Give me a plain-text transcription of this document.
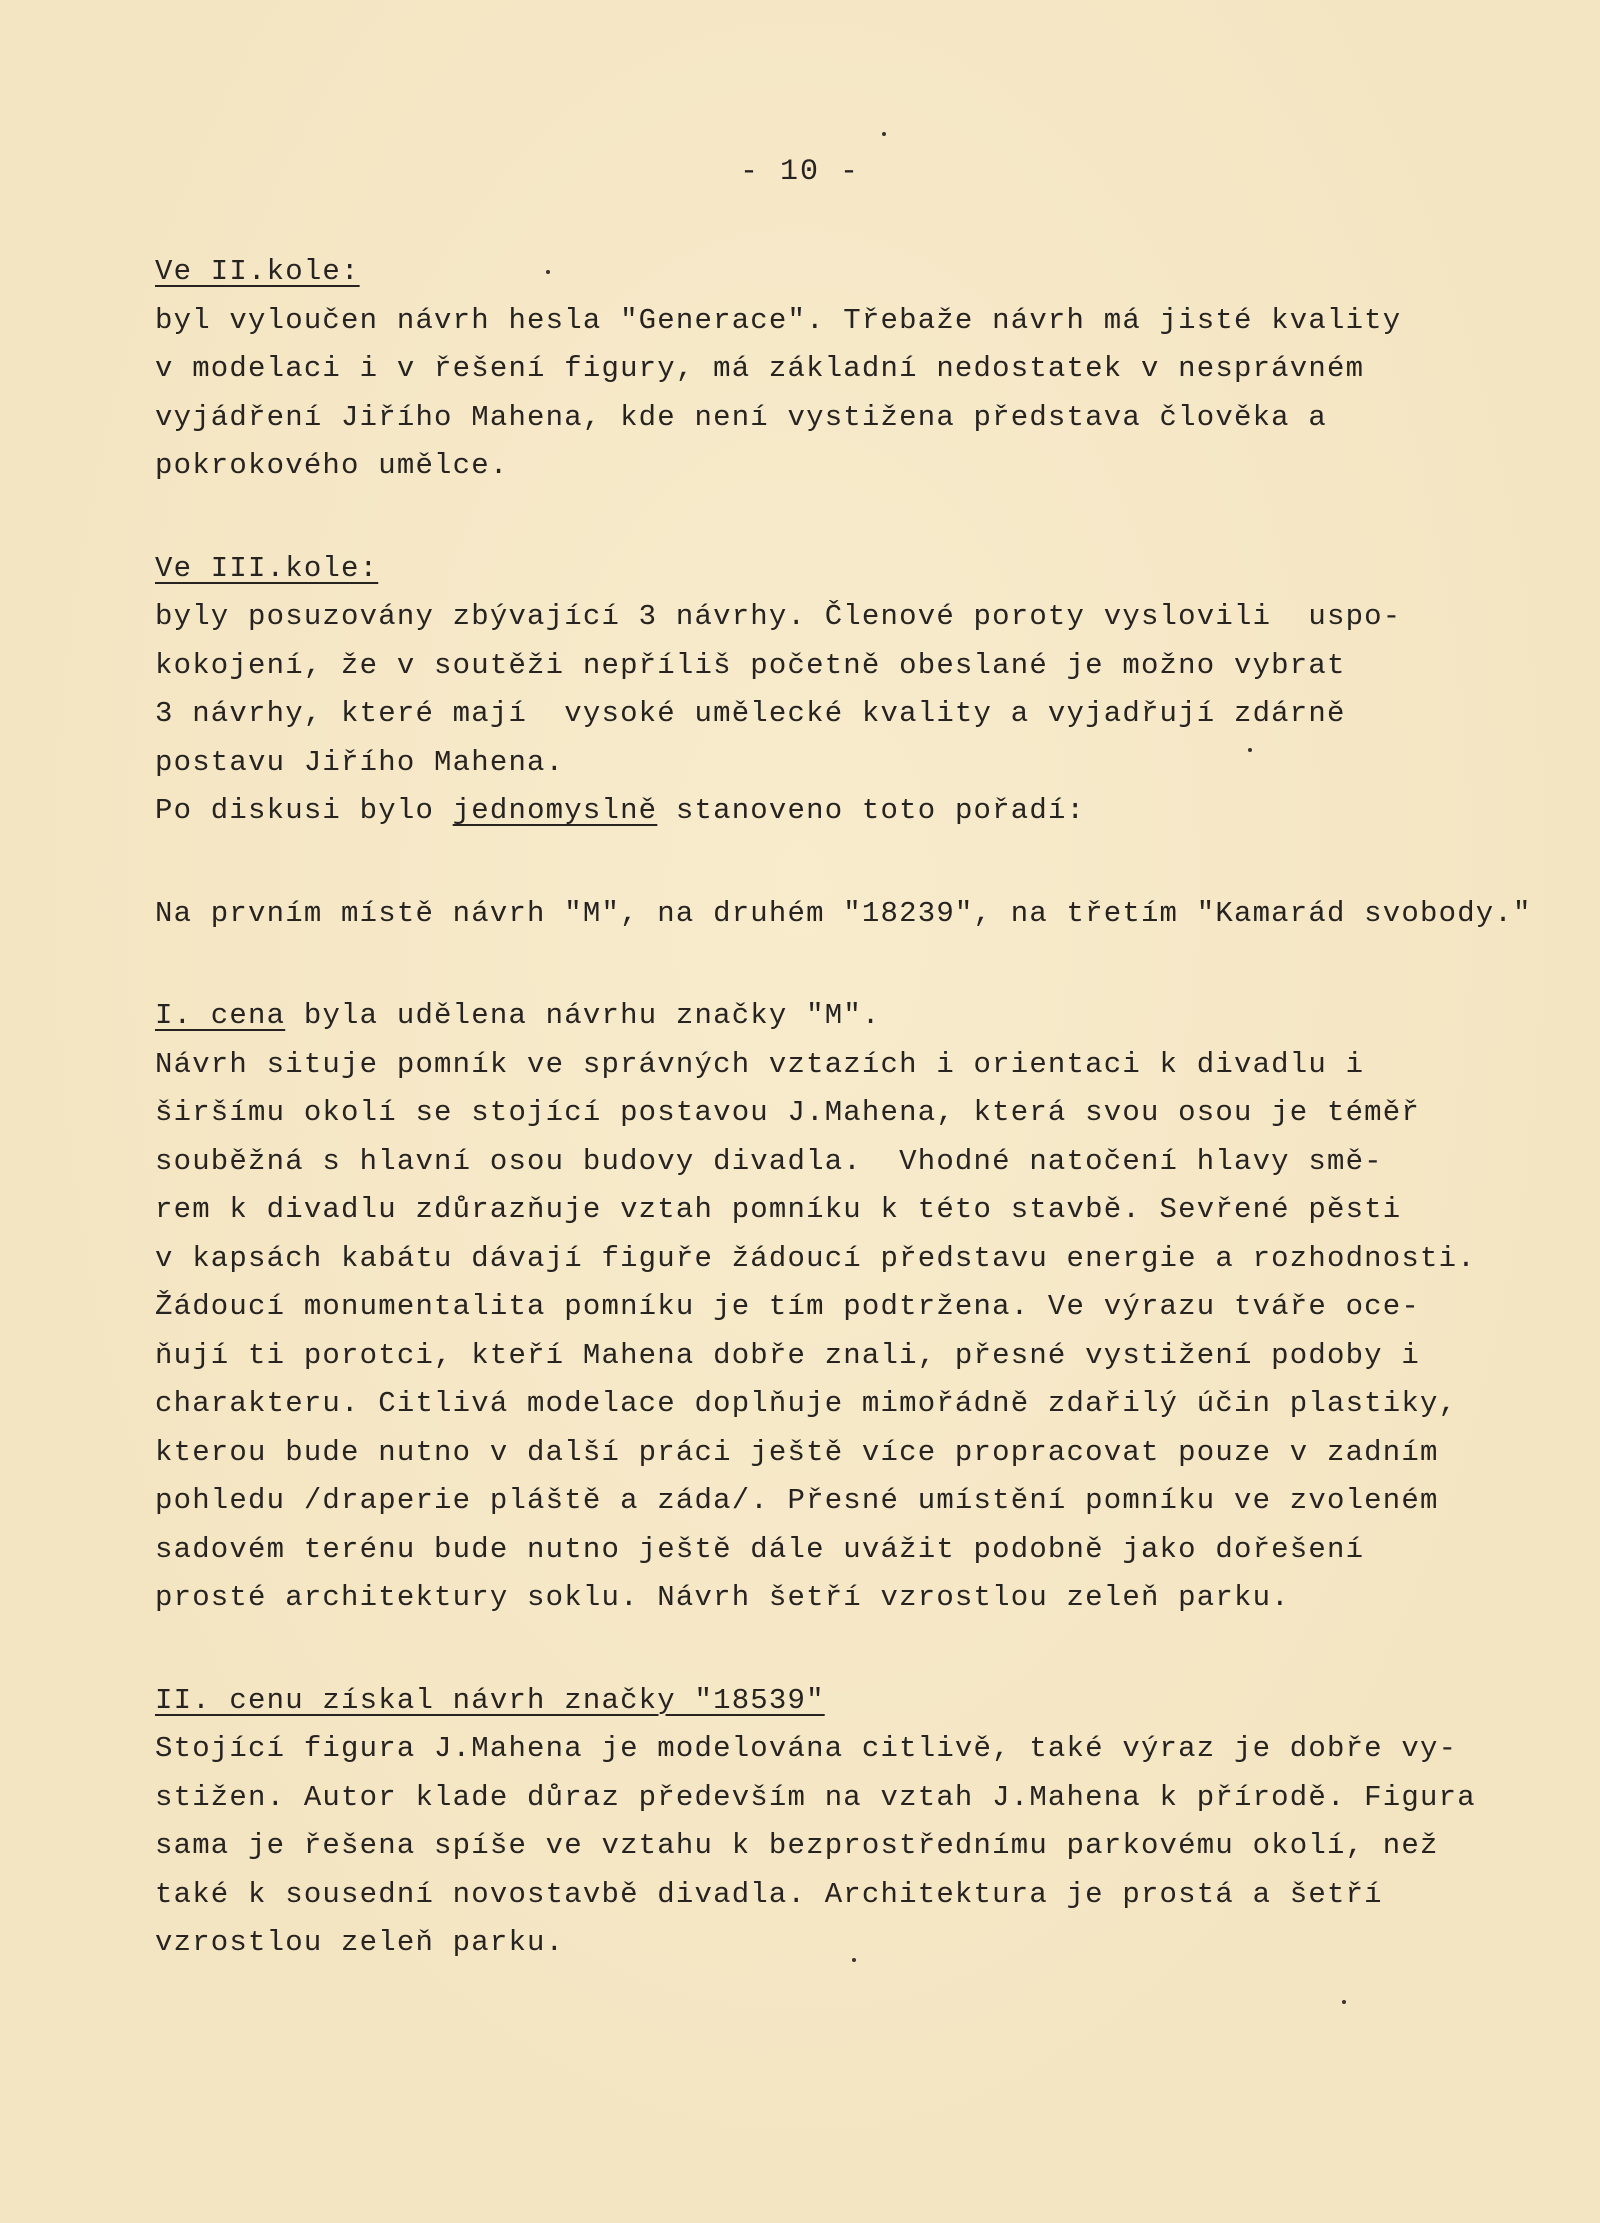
- 10 -
Ve II.kole:
byl vyloučen návrh hesla "Generace". Třebaže návrh má jisté kvality
v modelaci i v řešení figury, má základní nedostatek v nesprávném
vyjádření Jiřího Mahena, kde není vystižena představa člověka a
pokrokového umělce.
Ve III.kole:
byly posuzovány zbývající 3 návrhy. Členové poroty vyslovili  uspo-
kokojení, že v soutěži nepříliš početně obeslané je možno vybrat
3 návrhy, které mají  vysoké umělecké kvality a vyjadřují zdárně
postavu Jiřího Mahena.
Po diskusi bylo jednomyslně stanoveno toto pořadí:
Na prvním místě návrh "M", na druhém "18239", na třetím "Kamarád svobody."
I. cena byla udělena návrhu značky "M".
Návrh situje pomník ve správných vztazích i orientaci k divadlu i
širšímu okolí se stojící postavou J.Mahena, která svou osou je téměř
souběžná s hlavní osou budovy divadla.  Vhodné natočení hlavy smě-
rem k divadlu zdůrazňuje vztah pomníku k této stavbě. Sevřené pěsti
v kapsách kabátu dávají figuře žádoucí představu energie a rozhodnosti.
Žádoucí monumentalita pomníku je tím podtržena. Ve výrazu tváře oce-
ňují ti porotci, kteří Mahena dobře znali, přesné vystižení podoby i
charakteru. Citlivá modelace doplňuje mimořádně zdařilý účin plastiky,
kterou bude nutno v další práci ještě více propracovat pouze v zadním
pohledu /draperie pláště a záda/. Přesné umístění pomníku ve zvoleném
sadovém terénu bude nutno ještě dále uvážit podobně jako dořešení
prosté architektury soklu. Návrh šetří vzrostlou zeleň parku.
II. cenu získal návrh značky "18539"
Stojící figura J.Mahena je modelována citlivě, také výraz je dobře vy-
stižen. Autor klade důraz především na vztah J.Mahena k přírodě. Figura
sama je řešena spíše ve vztahu k bezprostřednímu parkovému okolí, než
také k sousední novostavbě divadla. Architektura je prostá a šetří
vzrostlou zeleň parku.
